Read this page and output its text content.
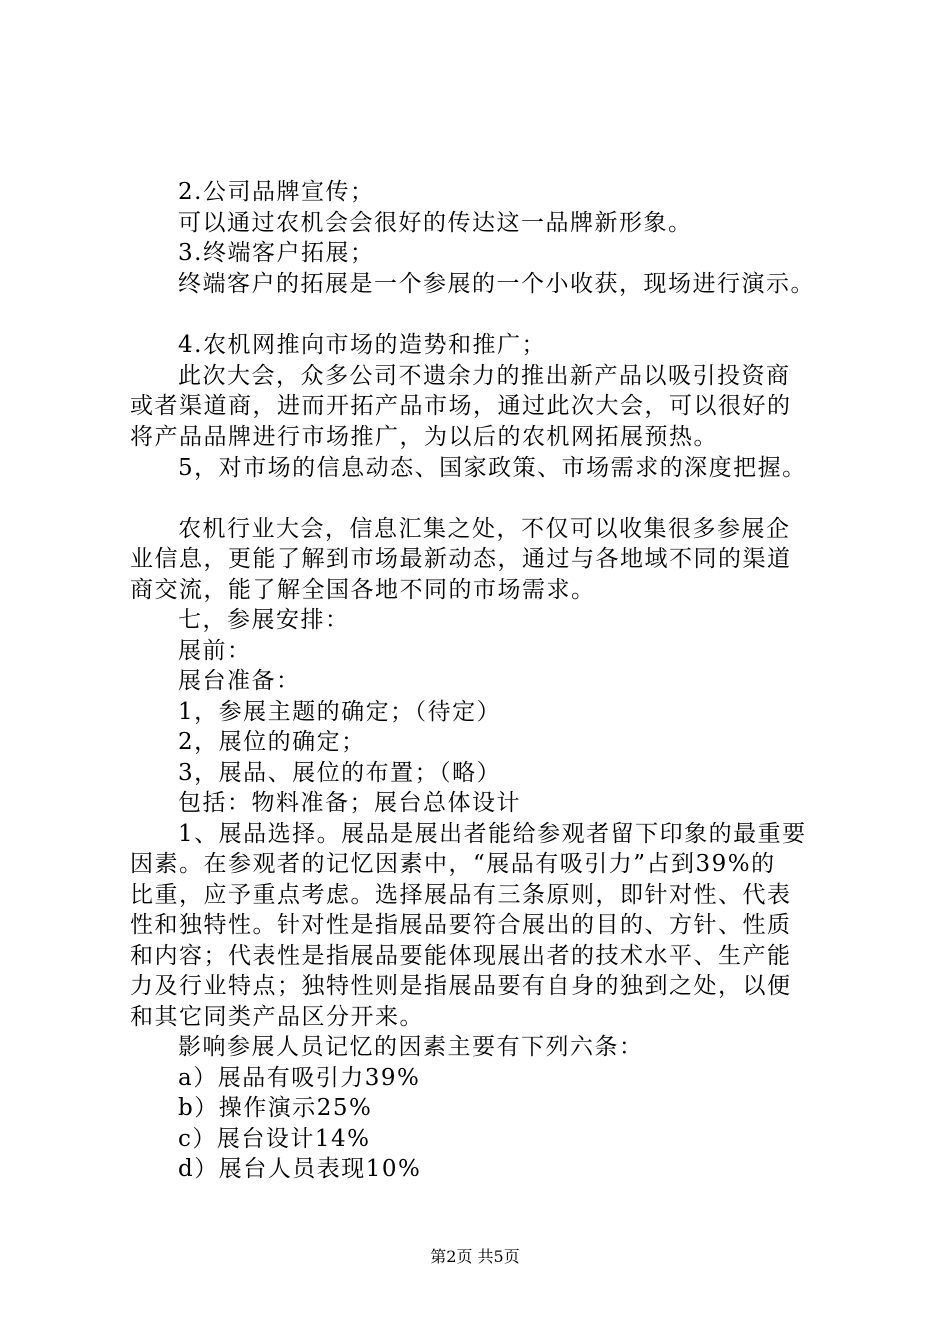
2.公司品牌宣传；
可以通过农机会会很好的传达这一品牌新形象。
3.终端客户拓展；
终端客户的拓展是一个参展的一个小收获，现场进行演示。
4.农机网推向市场的造势和推广；
此次大会，众多公司不遗余力的推出新产品以吸引投资商
或者渠道商，进而开拓产品市场，通过此次大会，可以很好的
将产品品牌进行市场推广，为以后的农机网拓展预热。
5，对市场的信息动态、国家政策、市场需求的深度把握。
农机行业大会，信息汇集之处，不仅可以收集很多参展企
业信息，更能了解到市场最新动态，通过与各地域不同的渠道
商交流，能了解全国各地不同的市场需求。
七，参展安排：
展前：
展台准备：
1，参展主题的确定；（待定）
2，展位的确定；
3，展品、展位的布置；（略）
包括：物料准备；展台总体设计
1、展品选择。展品是展出者能给参观者留下印象的最重要
因素。在参观者的记忆因素中，“展品有吸引力”占到39%的
比重，应予重点考虑。选择展品有三条原则，即针对性、代表
性和独特性。针对性是指展品要符合展出的目的、方针、性质
和内容；代表性是指展品要能体现展出者的技术水平、生产能
力及行业特点；独特性则是指展品要有自身的独到之处，以便
和其它同类产品区分开来。
影响参展人员记忆的因素主要有下列六条：
a）展品有吸引力39%
b）操作演示25%
c）展台设计14%
d）展台人员表现10%
第2页 共5页
